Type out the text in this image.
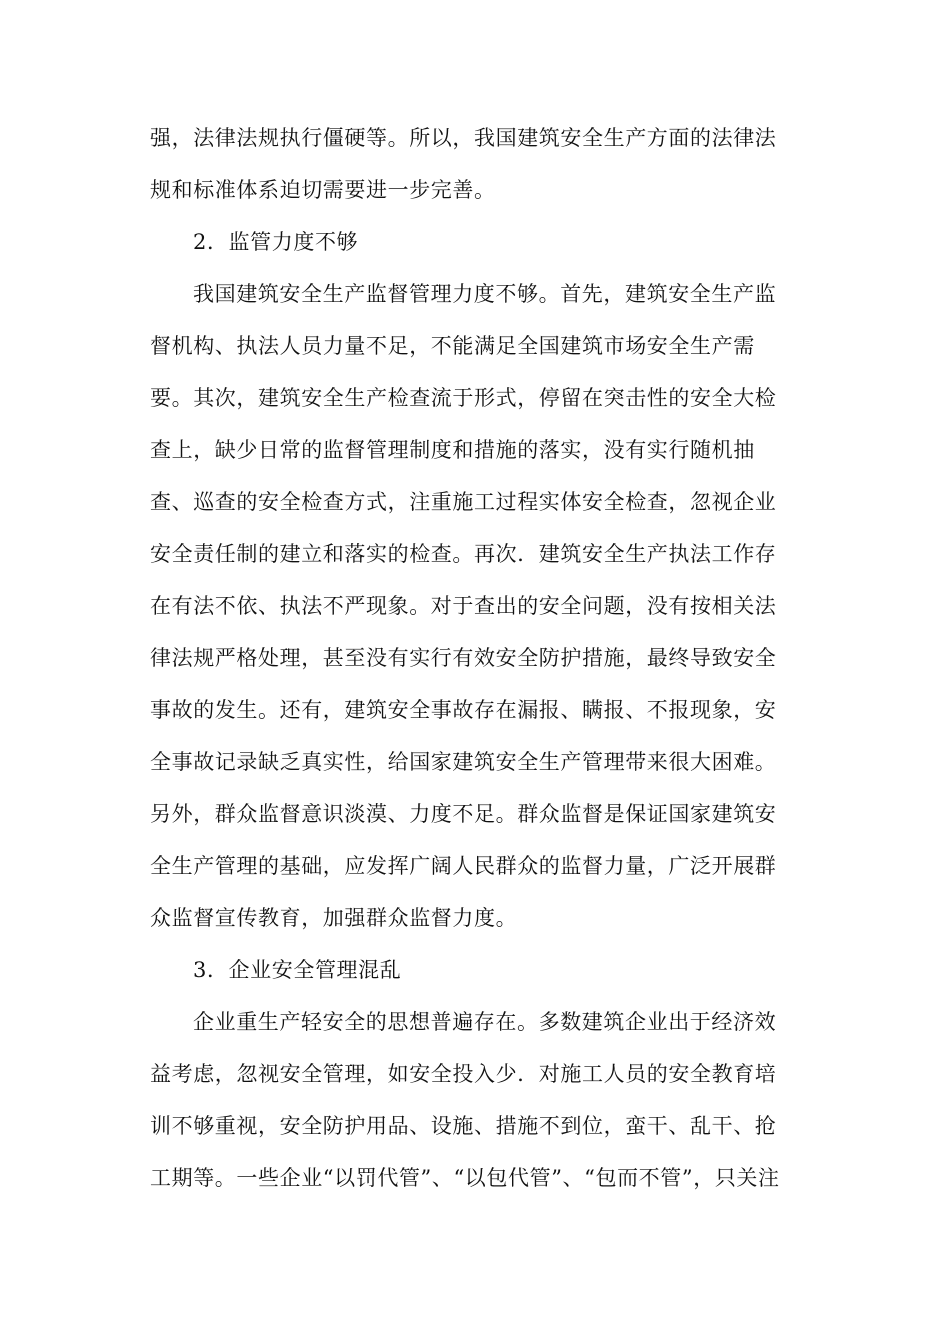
强，法律法规执行僵硬等。所以，我国建筑安全生产方面的法律法
规和标准体系迫切需要进一步完善。
2．监管力度不够
我国建筑安全生产监督管理力度不够。首先，建筑安全生产监
督机构、执法人员力量不足，不能满足全国建筑市场安全生产需
要。其次，建筑安全生产检查流于形式，停留在突击性的安全大检
查上，缺少日常的监督管理制度和措施的落实，没有实行随机抽
查、巡查的安全检查方式，注重施工过程实体安全检查，忽视企业
安全责任制的建立和落实的检查。再次．建筑安全生产执法工作存
在有法不依、执法不严现象。对于查出的安全问题，没有按相关法
律法规严格处理，甚至没有实行有效安全防护措施，最终导致安全
事故的发生。还有，建筑安全事故存在漏报、瞒报、不报现象，安
全事故记录缺乏真实性，给国家建筑安全生产管理带来很大困难。
另外，群众监督意识淡漠、力度不足。群众监督是保证国家建筑安
全生产管理的基础，应发挥广阔人民群众的监督力量，广泛开展群
众监督宣传教育，加强群众监督力度。
3．企业安全管理混乱
企业重生产轻安全的思想普遍存在。多数建筑企业出于经济效
益考虑，忽视安全管理，如安全投入少．对施工人员的安全教育培
训不够重视，安全防护用品、设施、措施不到位，蛮干、乱干、抢
工期等。一些企业“以罚代管”、“以包代管”、“包而不管”，只关注
